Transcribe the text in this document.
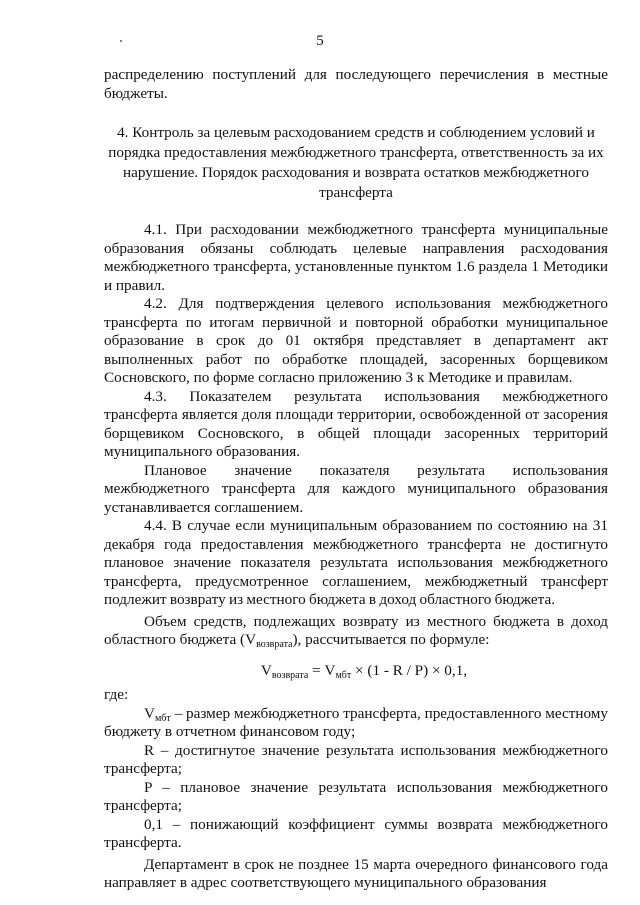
5

распределению поступлений для последующего перечисления в местные бюджеты.

4. Контроль за целевым расходованием средств и соблюдением условий и порядка предоставления межбюджетного трансферта, ответственность за их нарушение. Порядок расходования и возврата остатков межбюджетного трансферта

4.1. При расходовании межбюджетного трансферта муниципальные образования обязаны соблюдать целевые направления расходования межбюджетного трансферта, установленные пунктом 1.6 раздела 1 Методики и правил.

4.2. Для подтверждения целевого использования межбюджетного трансферта по итогам первичной и повторной обработки муниципальное образование в срок до 01 октября представляет в департамент акт выполненных работ по обработке площадей, засоренных борщевиком Сосновского, по форме согласно приложению 3 к Методике и правилам.

4.3. Показателем результата использования межбюджетного трансферта является доля площади территории, освобожденной от засорения борщевиком Сосновского, в общей площади засоренных территорий муниципального образования.

Плановое значение показателя результата использования межбюджетного трансферта для каждого муниципального образования устанавливается соглашением.

4.4. В случае если муниципальным образованием по состоянию на 31 декабря года предоставления межбюджетного трансферта не достигнуто плановое значение показателя результата использования межбюджетного трансферта, предусмотренное соглашением, межбюджетный трансферт подлежит возврату из местного бюджета в доход областного бюджета.

Объем средств, подлежащих возврату из местного бюджета в доход областного бюджета $(V_{возврата})$, рассчитывается по формуле:

$V_{возврата} = V_{мбт} \times (1 - R / P) \times 0,1$,

где:

$V_{мбт}$ – размер межбюджетного трансферта, предоставленного местному бюджету в отчетном финансовом году;

R – достигнутое значение результата использования межбюджетного трансферта;

P – плановое значение результата использования межбюджетного трансферта;

0,1 – понижающий коэффициент суммы возврата межбюджетного трансферта.

Департамент в срок не позднее 15 марта очередного финансового года направляет в адрес соответствующего муниципального образования
